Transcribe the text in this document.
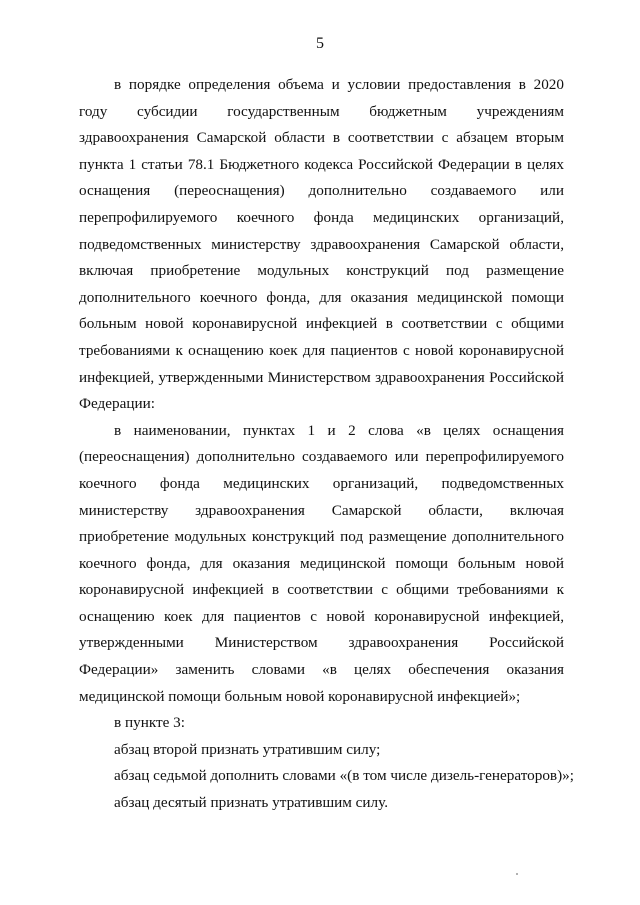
5

в порядке определения объема и условии предоставления в 2020 году субсидии государственным бюджетным учреждениям здравоохранения Самарской области в соответствии с абзацем вторым пункта 1 статьи 78.1 Бюджетного кодекса Российской Федерации в целях оснащения (переоснащения) дополнительно создаваемого или перепрофилируемого коечного фонда медицинских организаций, подведомственных министерству здравоохранения Самарской области, включая приобретение модульных конструкций под размещение дополнительного коечного фонда, для оказания медицинской помощи больным новой коронавирусной инфекцией в соответствии с общими требованиями к оснащению коек для пациентов с новой коронавирусной инфекцией, утвержденными Министерством здравоохранения Российской Федерации:

в наименовании, пунктах 1 и 2 слова «в целях оснащения (переоснащения) дополнительно создаваемого или перепрофилируемого коечного фонда медицинских организаций, подведомственных министерству здравоохранения Самарской области, включая приобретение модульных конструкций под размещение дополнительного коечного фонда, для оказания медицинской помощи больным новой коронавирусной инфекцией в соответствии с общими требованиями к оснащению коек для пациентов с новой коронавирусной инфекцией, утвержденными Министерством здравоохранения Российской Федерации» заменить словами «в целях обеспечения оказания медицинской помощи больным новой коронавирусной инфекцией»;

в пункте 3:

абзац второй признать утратившим силу;

абзац седьмой дополнить словами «(в том числе дизель-генераторов)»;

абзац десятый признать утратившим силу.
